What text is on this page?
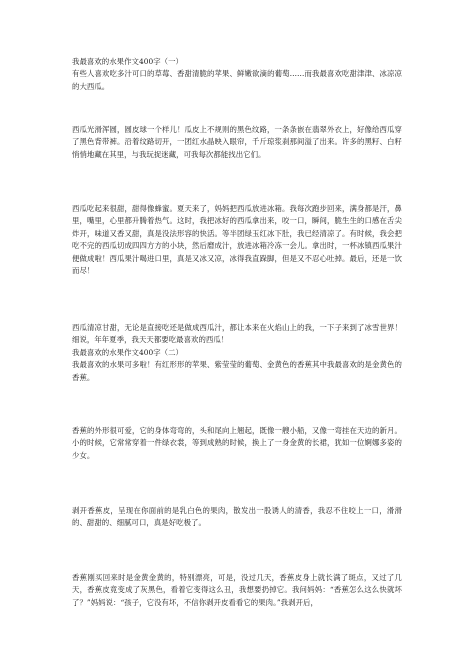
我最喜欢的水果作文400字（一）

有些人喜欢吃多汁可口的草莓、香甜清脆的苹果、鲜嫩欲滴的葡萄……而我最喜欢吃甜津津、冰凉凉的大西瓜。

西瓜光滑浑圆，圆皮球一个样儿！瓜皮上不规则的黑色纹路，一条条嵌在翡翠外衣上，好像给西瓜穿了黑色背带裤。沿着纹路切开，一团红水晶映入眼帘，千斤琼浆刹那间溢了出来。许多的黑籽、白籽悄悄地藏在其里，与我玩捉迷藏，可我每次都能找出它们。

西瓜吃起来很甜，甜得像蜂蜜。夏天来了，妈妈把西瓜放进冰箱。我每次跑步回来，满身都是汗，鼻里，嘴里，心里都升腾着热气。这时，我把冰好的西瓜拿出来，咬一口，瞬间，脆生生的口感在舌尖炸开，味道又香又甜，真是没法形容的快活。等半团绿玉红冰下肚，我已经清凉了。有时候，我会把吃不完的西瓜切成四四方方的小块，然后磨成汁，放进冰箱冷冻一会儿。拿出时，一杯冰镇西瓜果汁便做成啦！西瓜果汁喝进口里，真是又冰又凉，冰得我直跺脚，但是又不忍心吐掉。最后，还是一饮而尽！

西瓜清凉甘甜，无论是直接吃还是做成西瓜汁，都让本来在火焰山上的我，一下子来到了冰雪世界！细说，年年夏季，我天天都要吃最喜欢的西瓜！

我最喜欢的水果作文400字（二）

我最喜欢的水果可多啦！有红形形的苹果、紫莹莹的葡萄、金黄色的香蕉其中我最喜欢的是金黄色的香蕉。

香蕉的外形很可爱，它的身体弯弯的，头和尾向上翘起，既像一艘小船，又像一弯挂在天边的新月。小的时候，它常常穿着一件绿衣裳，等到成熟的时候，换上了一身金黄的长裙，犹如一位婀娜多姿的少女。

剥开香蕉皮，呈现在你面前的是乳白色的果肉，散发出一股诱人的清香，我忍不住咬上一口，滑滑的、甜甜的、细腻可口，真是好吃极了。

香蕉刚买回来时是金黄金黄的，特别漂亮，可是，没过几天，香蕉皮身上就长满了斑点，又过了几天，香蕉皮竟变成了灰黑色，看着它变得这么丑，我想要扔掉它。我问妈妈：“香蕉怎么这么快就坏了？”妈妈说：“孩子，它没有坏，不信你剥开皮看看它的果肉。”我剥开后，
